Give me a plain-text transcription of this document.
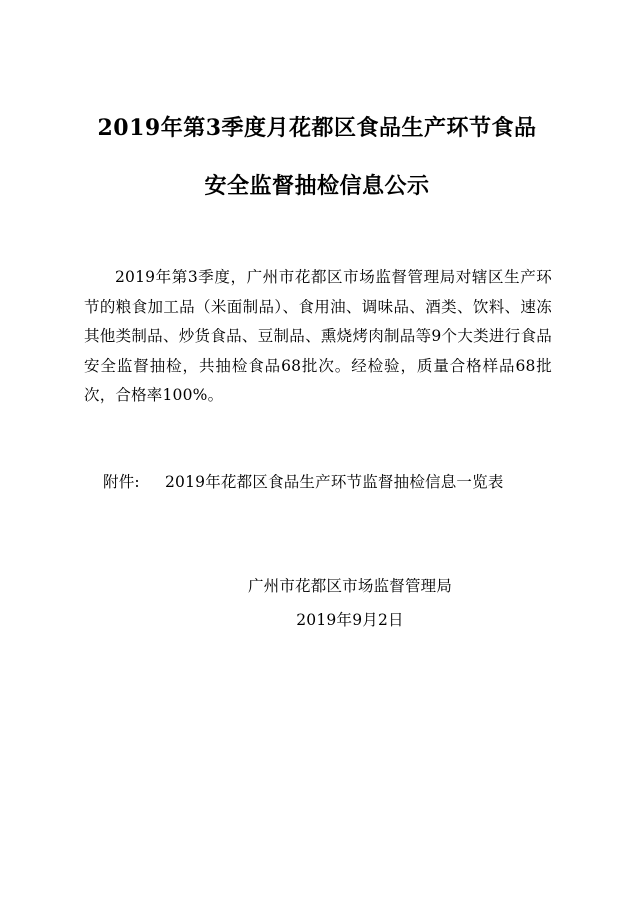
2019年第3季度月花都区食品生产环节食品
安全监督抽检信息公示
2019年第3季度，广州市花都区市场监督管理局对辖区生产环节的粮食加工品（米面制品）、食用油、调味品、酒类、饮料、速冻其他类制品、炒货食品、豆制品、熏烧烤肉制品等9个大类进行食品安全监督抽检，共抽检食品68批次。经检验，质量合格样品68批次，合格率100%。
附件: 2019年花都区食品生产环节监督抽检信息一览表
广州市花都区市场监督管理局
2019年9月2日
